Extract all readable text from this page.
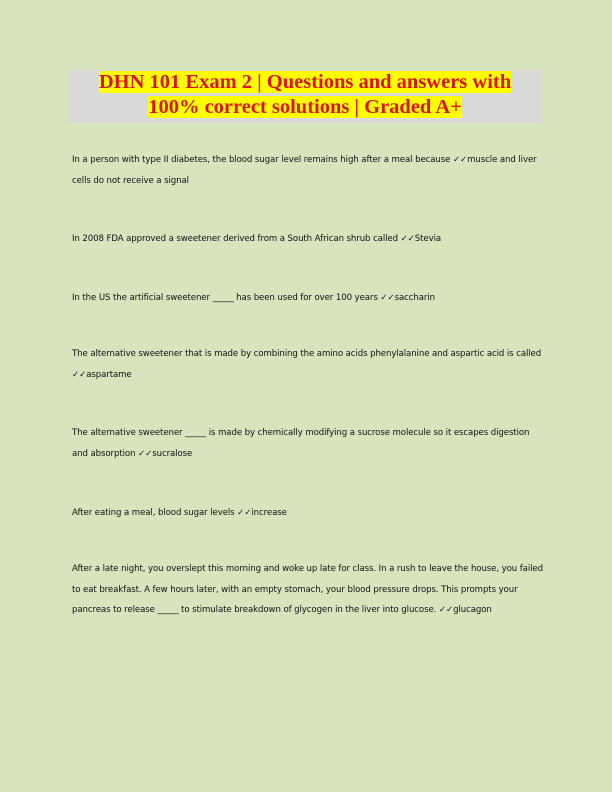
DHN 101 Exam 2 | Questions and answers with
100% correct solutions | Graded A+

In a person with type II diabetes, the blood sugar level remains high after a meal because ✓✓muscle and liver cells do not receive a signal

In 2008 FDA approved a sweetener derived from a South African shrub called ✓✓Stevia

In the US the artificial sweetener _____ has been used for over 100 years ✓✓saccharin

The alternative sweetener that is made by combining the amino acids phenylalanine and aspartic acid is called ✓✓aspartame

The alternative sweetener _____ is made by chemically modifying a sucrose molecule so it escapes digestion and absorption ✓✓sucralose

After eating a meal, blood sugar levels ✓✓increase

After a late night, you overslept this morning and woke up late for class. In a rush to leave the house, you failed to eat breakfast. A few hours later, with an empty stomach, your blood pressure drops. This prompts your pancreas to release _____ to stimulate breakdown of glycogen in the liver into glucose. ✓✓glucagon
